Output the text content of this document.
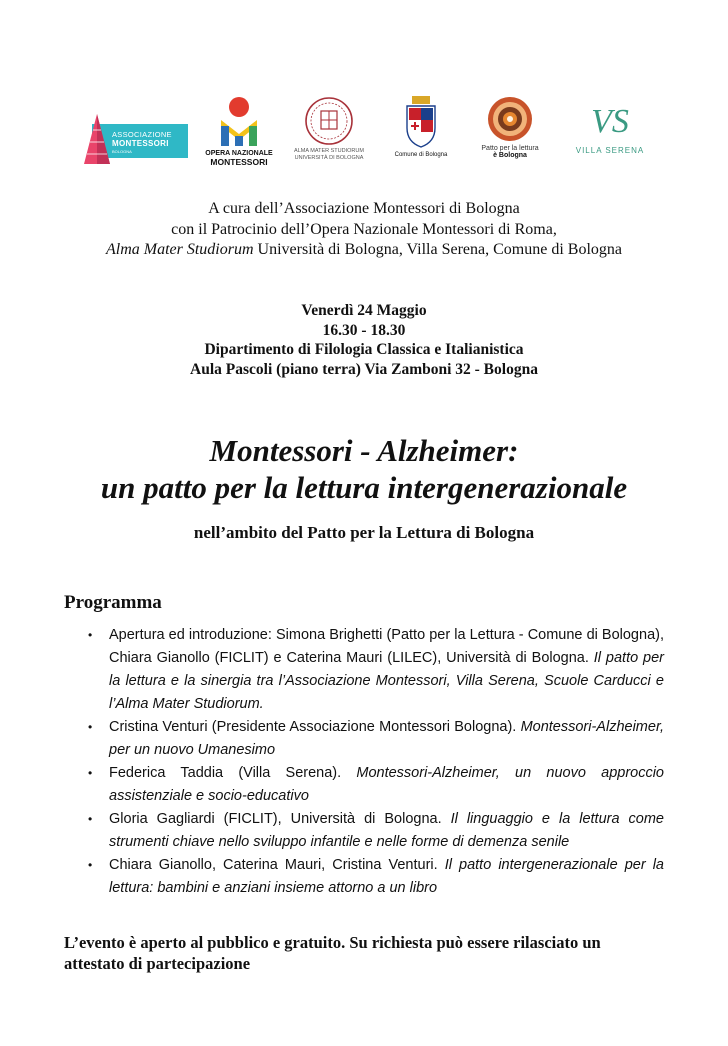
ASSOCIAZIONE
MONTESSORI
BOLOGNA	OPERA NAZIONALE
MONTESSORI
ALMA MATER STUDIORUM
UNIVERSITÀ DI BOLOGNA	Comune di Bologna
Patto per la lettura
è Bologna
VS
VILLA SERENA
A cura dell’Associazione Montessori di Bologna
con il Patrocinio dell’Opera Nazionale Montessori di Roma,
Alma Mater Studiorum Università di Bologna, Villa Serena, Comune di Bologna
Venerdì 24 Maggio
16.30 - 18.30
Dipartimento di Filologia Classica e Italianistica
Aula Pascoli (piano terra) Via Zamboni 32 - Bologna
Montessori - Alzheimer:
un patto per la lettura intergenerazionale
nell’ambito del Patto per la Lettura di Bologna
Programma
• Apertura ed introduzione: Simona Brighetti (Patto per la Lettura - Comune di Bologna), Chiara Gianollo (FICLIT) e Caterina Mauri (LILEC), Università di Bologna. Il patto per la lettura e la sinergia tra l’Associazione Montessori, Villa Serena, Scuole Carducci e l’Alma Mater Studiorum.
• Cristina Venturi (Presidente Associazione Montessori Bologna). Montessori-Alzheimer, per un nuovo Umanesimo
• Federica Taddia (Villa Serena). Montessori-Alzheimer, un nuovo approccio assistenziale e socio-educativo
• Gloria Gagliardi (FICLIT), Università di Bologna. Il linguaggio e la lettura come strumenti chiave nello sviluppo infantile e nelle forme di demenza senile
• Chiara Gianollo, Caterina Mauri, Cristina Venturi. Il patto intergenerazionale per la lettura: bambini e anziani insieme attorno a un libro
L’evento è aperto al pubblico e gratuito. Su richiesta può essere rilasciato un attestato di partecipazione
